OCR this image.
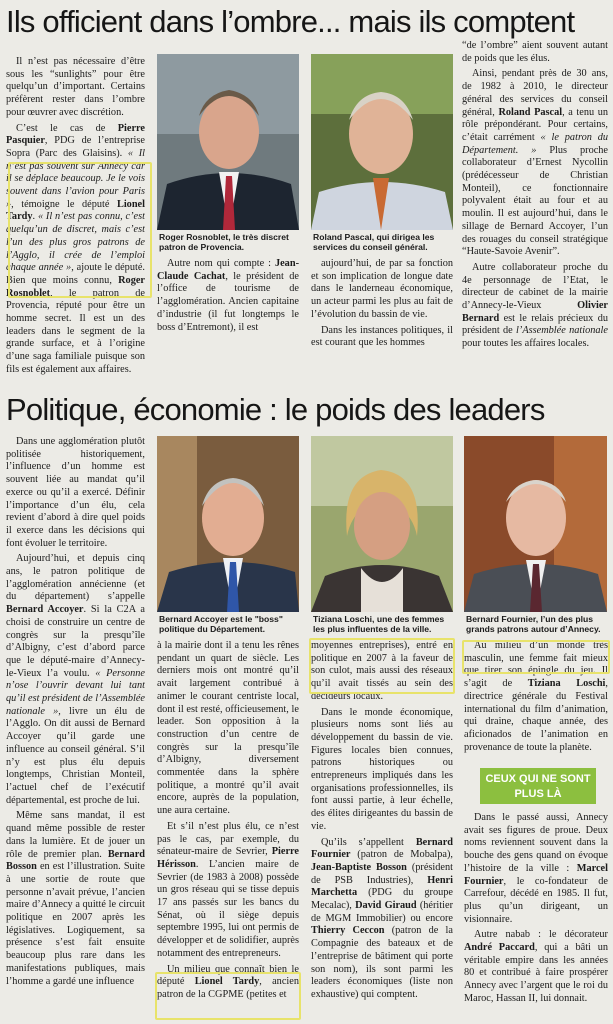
Ils officient dans l’ombre... mais ils comptent

Il n’est pas nécessaire d’être sous les “sunlights” pour être quelqu’un d’important. Certains préfèrent rester dans l’ombre pour œuvrer avec discrétion.

C’est le cas de Pierre Pasquier, PDG de l’entreprise Sopra (Parc des Glaisins). « Il n’est pas souvent sur Annecy car il se déplace beaucoup. Je le vois souvent dans l’avion pour Paris », témoigne le député Lionel Tardy. « Il n’est pas connu, c’est quelqu’un de discret, mais c’est l’un des plus gros patrons de l’Agglo, il crée de l’emploi chaque année », ajoute le député. Bien que moins connu, Roger Rosnoblet, le patron de Provencia, réputé pour être un homme secret. Il est un des leaders dans le segment de la grande surface, et à l’origine d’une saga familiale puisque son fils est également aux affaires.

Roger Rosnoblet, le très discret patron de Provencia.
Roland Pascal, qui dirigea les services du conseil général.

Autre nom qui compte : Jean-Claude Cachat, le président de l’office de tourisme de l’agglomération. Ancien capitaine d’industrie (il fut longtemps le boss d’Entremont), il est

aujourd’hui, de par sa fonction et son implication de longue date dans le landerneau économique, un acteur parmi les plus au fait de l’évolution du bassin de vie.

Dans les instances politiques, il est courant que les hommes

“de l’ombre” aient souvent autant de poids que les élus.

Ainsi, pendant près de 30 ans, de 1982 à 2010, le directeur général des services du conseil général, Roland Pascal, a tenu un rôle prépondérant. Pour certains, c’était carrément « le patron du Département. » Plus proche collaborateur d’Ernest Nycollin (prédécesseur de Christian Monteil), ce fonctionnaire polyvalent était au four et au moulin. Il est aujourd’hui, dans le sillage de Bernard Accoyer, l’un des rouages du conseil stratégique “Haute-Savoie Avenir”.

Autre collaborateur proche du 4e personnage de l’Etat, le directeur de cabinet de la mairie d’Annecy-le-Vieux Olivier Bernard est le relais précieux du président de l’Assemblée nationale pour toutes les affaires locales.

Politique, économie : le poids des leaders

Dans une agglomération plutôt politisée historiquement, l’influence d’un homme est souvent liée au mandat qu’il exerce ou qu’il a exercé. Définir l’importance d’un élu, cela revient d’abord à dire quel poids il exerce dans les décisions qui font évoluer le territoire.

Aujourd’hui, et depuis cinq ans, le patron politique de l’agglomération annécienne (et du département) s’appelle Bernard Accoyer. Si la C2A a choisi de construire un centre de congrès sur la presqu’île d’Albigny, c’est d’abord parce que le député-maire d’Annecy-le-Vieux l’a voulu. « Personne n’ose l’ouvrir devant lui tant qu’il est président de l’Assemblée nationale », livre un élu de l’Agglo. On dit aussi de Bernard Accoyer qu’il garde une influence au conseil général. S’il n’y est plus élu depuis longtemps, Christian Monteil, l’actuel chef de l’exécutif départemental, est proche de lui.

Même sans mandat, il est quand même possible de rester dans la lumière. Et de jouer un rôle de premier plan. Bernard Bosson en est l’illustration. Suite à une sortie de route que personne n’avait prévue, l’ancien maire d’Annecy a quitté le circuit politique en 2007 après les législatives. Logiquement, sa présence s’est fait ensuite beaucoup plus rare dans les manifestations publiques, mais l’homme a gardé une influence

Bernard Accoyer est le "boss" politique du Département.

à la mairie dont il a tenu les rênes pendant un quart de siècle. Les derniers mois ont montré qu’il avait largement contribué à animer le courant centriste local, dont il est resté, officieusement, le leader. Son opposition à la construction d’un centre de congrès sur la presqu’île d’Albigny, diversement commentée dans la sphère politique, a montré qu’il avait encore, auprès de la population, une aura certaine.

Et s’il n’est plus élu, ce n’est pas le cas, par exemple, du sénateur-maire de Sevrier, Pierre Hérisson. L’ancien maire de Sevrier (de 1983 à 2008) possède un gros réseau qui se tisse depuis 17 ans passés sur les bancs du Sénat, où il siège depuis septembre 1995, lui ont permis de développer et de solidifier, auprès notamment des entrepreneurs.

Un milieu que connaît bien le député Lionel Tardy, ancien patron de la CGPME (petites et

Tiziana Loschi, une des femmes les plus influentes de la ville.

moyennes entreprises), entré en politique en 2007 à la faveur de son culot, mais aussi des réseaux qu’il avait tissés au sein des décideurs locaux.

Dans le monde économique, plusieurs noms sont liés au développement du bassin de vie. Figures locales bien connues, patrons historiques ou entrepreneurs impliqués dans les organisations professionnelles, ils font aussi partie, à leur échelle, des élites dirigeantes du bassin de vie.

Qu’ils s’appellent Bernard Fournier (patron de Mobalpa), Jean-Baptiste Bosson (président de PSB Industries), Henri Marchetta (PDG du groupe Mecalac), David Giraud (héritier de MGM Immobilier) ou encore Thierry Ceccon (patron de la Compagnie des bateaux et de l’entreprise de bâtiment qui porte son nom), ils sont parmi les leaders économiques (liste non exhaustive) qui comptent.

Bernard Fournier, l’un des plus grands patrons autour d’Annecy.

Au milieu d’un monde très masculin, une femme fait mieux que tirer son épingle du jeu. Il s’agit de Tiziana Loschi, directrice générale du Festival international du film d’animation, qui draine, chaque année, des aficionados de l’animation en provenance de toute la planète.

CEUX QUI NE SONT PLUS LÀ

Dans le passé aussi, Annecy avait ses figures de proue. Deux noms reviennent souvent dans la bouche des gens quand on évoque l’histoire de la ville : Marcel Fournier, le co-fondateur de Carrefour, décédé en 1985. Il fut, plus qu’un dirigeant, un visionnaire.

Autre nabab : le décorateur André Paccard, qui a bâti un véritable empire dans les années 80 et contribué à faire prospérer Annecy avec l’argent que le roi du Maroc, Hassan II, lui donnait.
